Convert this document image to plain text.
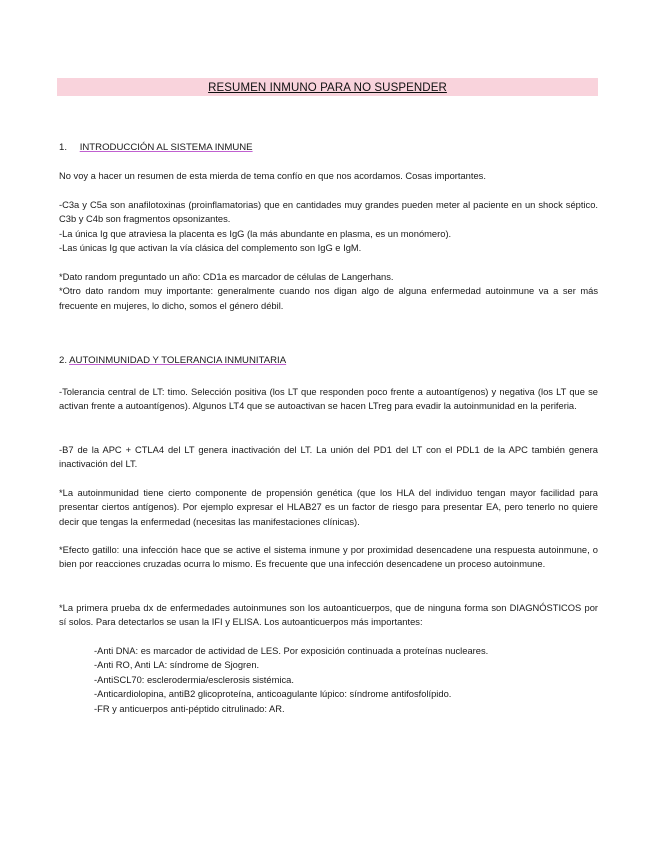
RESUMEN INMUNO PARA NO SUSPENDER
1. INTRODUCCIÓN AL SISTEMA INMUNE

No voy a hacer un resumen de esta mierda de tema confío en que nos acordamos. Cosas importantes.

-C3a y C5a son anafilotoxinas (proinflamatorias) que en cantidades muy grandes pueden meter al paciente en un shock séptico. C3b y C4b son fragmentos opsonizantes.

-La única Ig que atraviesa la placenta es IgG (la más abundante en plasma, es un monómero).

-Las únicas Ig que activan la vía clásica del complemento son IgG e IgM.

*Dato random preguntado un año: CD1a es marcador de células de Langerhans.

*Otro dato random muy importante: generalmente cuando nos digan algo de alguna enfermedad autoinmune va a ser más frecuente en mujeres, lo dicho, somos el género débil.

2. AUTOINMUNIDAD Y TOLERANCIA INMUNITARIA

-Tolerancia central de LT: timo. Selección positiva (los LT que responden poco frente a autoantígenos) y negativa (los LT que se activan frente a autoantígenos). Algunos LT4 que se autoactivan se hacen LTreg para evadir la autoinmunidad en la periferia.

-B7 de la APC + CTLA4 del LT genera inactivación del LT. La unión del PD1 del LT con el PDL1 de la APC también genera inactivación del LT.

*La autoinmunidad tiene cierto componente de propensión genética (que los HLA del individuo tengan mayor facilidad para presentar ciertos antígenos). Por ejemplo expresar el HLAB27 es un factor de riesgo para presentar EA, pero tenerlo no quiere decir que tengas la enfermedad (necesitas las manifestaciones clínicas).

*Efecto gatillo: una infección hace que se active el sistema inmune y por proximidad desencadene una respuesta autoinmune, o bien por reacciones cruzadas ocurra lo mismo. Es frecuente que una infección desencadene un proceso autoinmune.

*La primera prueba dx de enfermedades autoinmunes son los autoanticuerpos, que de ninguna forma son DIAGNÓSTICOS por sí solos. Para detectarlos se usan la IFI y ELISA. Los autoanticuerpos más importantes:

-Anti DNA: es marcador de actividad de LES. Por exposición continuada a proteínas nucleares.

-Anti RO, Anti LA: síndrome de Sjogren.

-AntiSCL70: esclerodermia/esclerosis sistémica.

-Anticardiolopina, antiB2 glicoproteína, anticoagulante lúpico: síndrome antifosfolípido.

-FR y anticuerpos anti-péptido citrulinado: AR.
